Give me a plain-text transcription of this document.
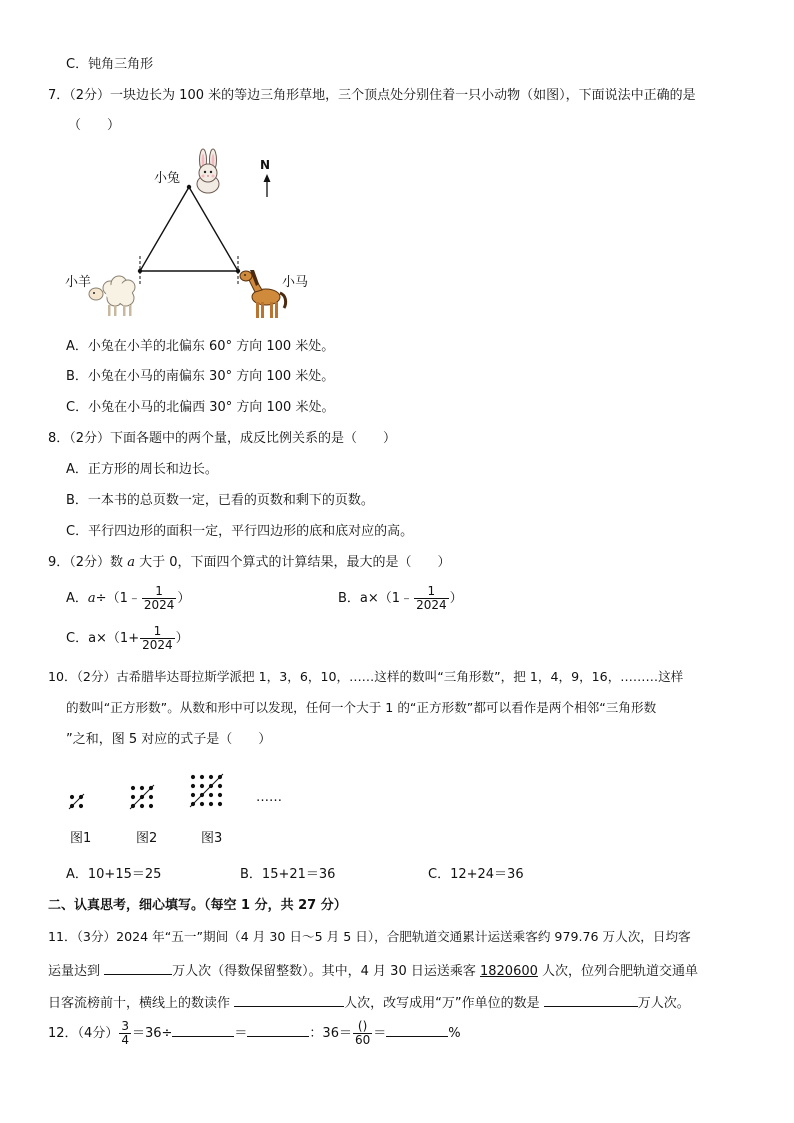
C．钝角三角形
7．（2分）一块边长为 100 米的等边三角形草地，三个顶点处分别住着一只小动物（如图），下面说法中正确的是
（　　）
小兔
小羊	小马
N
A．小兔在小羊的北偏东 60° 方向 100 米处。
B．小兔在小马的南偏东 30° 方向 100 米处。
C．小兔在小马的北偏西 30° 方向 100 米处。
8．（2分）下面各题中的两个量，成反比例关系的是（　　）
A．正方形的周长和边长。
B．一本书的总页数一定，已看的页数和剩下的页数。
C．平行四边形的面积一定，平行四边形的底和底对应的高。
9．（2分）数 a 大于 0，下面四个算式的计算结果，最大的是（　　）
A．a÷（1﹣ $\frac{1}{2024}$ ）	B．a×（1﹣ $\frac{1}{2024}$ ）
C．$a\times(1+ \frac{1}{2024}$ ）
10．（2分）古希腊毕达哥拉斯学派把 1，3，6，10，……这样的数叫“三角形数”，把 1，4，9，16，………这样
的数叫“正方形数”。从数和形中可以发现，任何一个大于 1 的“正方形数”都可以看作是两个相邻“三角形数
”之和，图 5 对应的式子是（　　）
……
图1	图2	图3
A．10+15＝25	B．15+21＝36	C．12+24＝36
二、认真思考，细心填写。（每空 1 分，共 27 分）
11．（3分）2024 年“五一”期间（4 月 30 日～5 月 5 日），合肥轨道交通累计运送乘客约 979.76 万人次，日均客
运量达到	万人次（得数保留整数）。其中，4 月 30 日运送乘客 1820600 人次，位列合肥轨道交通单
日客流榜前十，横线上的数读作	人次，改写成用“万”作单位的数是	万人次。
12．（4分） $\frac{3}{4} =36\div$	＝	：$36= \frac{()}{60}$ ＝	%
